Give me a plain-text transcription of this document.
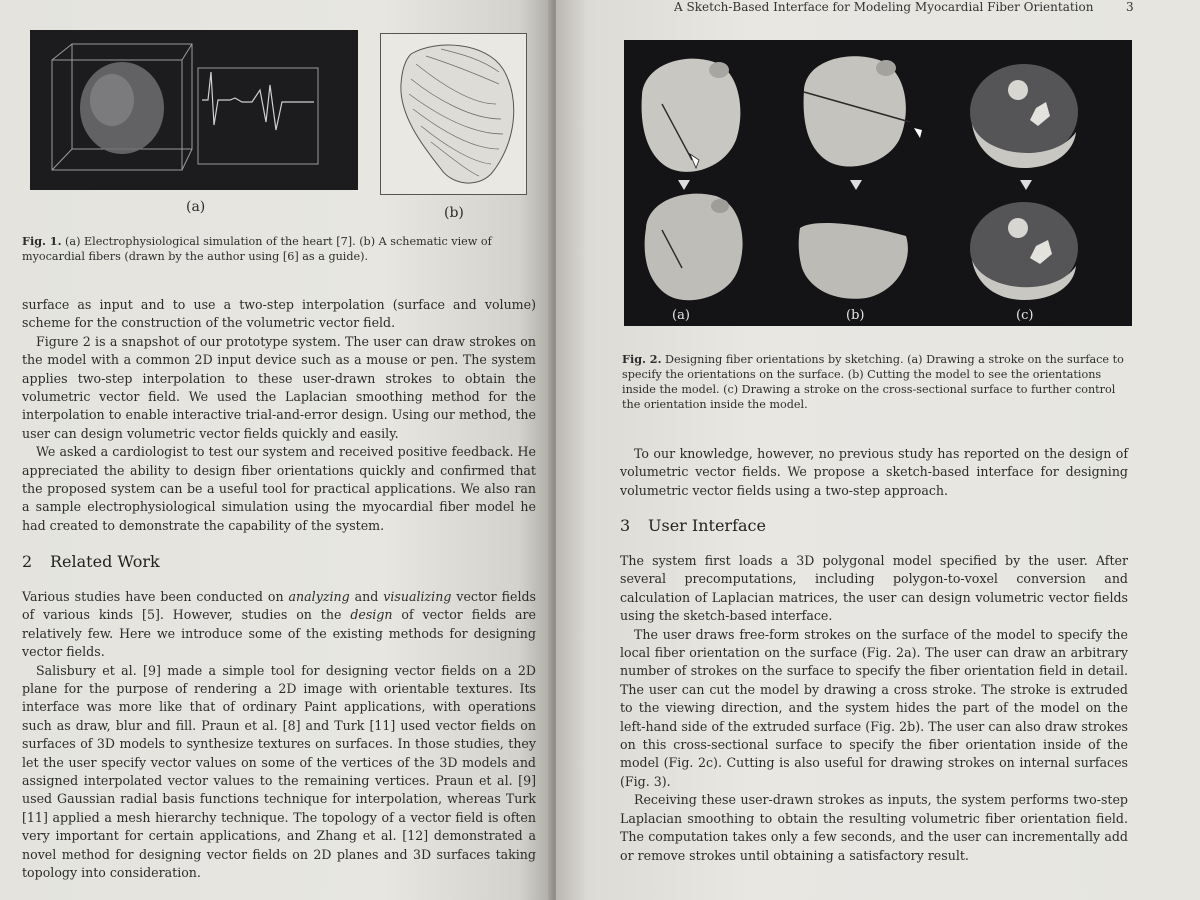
(a)	(b)
Fig. 1. (a) Electrophysiological simulation of the heart [7]. (b) A schematic view of myocardial fibers (drawn by the author using [6] as a guide).

surface as input and to use a two-step interpolation (surface and volume) scheme for the construction of the volumetric vector field.

Figure 2 is a snapshot of our prototype system. The user can draw strokes on the model with a common 2D input device such as a mouse or pen. The system applies two-step interpolation to these user-drawn strokes to obtain the volumetric vector field. We used the Laplacian smoothing method for the interpolation to enable interactive trial-and-error design. Using our method, the user can design volumetric vector fields quickly and easily.

We asked a cardiologist to test our system and received positive feedback. He appreciated the ability to design fiber orientations quickly and confirmed that the proposed system can be a useful tool for practical applications. We also ran a sample electrophysiological simulation using the myocardial fiber model he had created to demonstrate the capability of the system.

2 Related Work

Various studies have been conducted on analyzing and visualizing vector fields of various kinds [5]. However, studies on the design of vector fields are relatively few. Here we introduce some of the existing methods for designing vector fields.

Salisbury et al. [9] made a simple tool for designing vector fields on a 2D plane for the purpose of rendering a 2D image with orientable textures. Its interface was more like that of ordinary Paint applications, with operations such as draw, blur and fill. Praun et al. [8] and Turk [11] used vector fields on surfaces of 3D models to synthesize textures on surfaces. In those studies, they let the user specify vector values on some of the vertices of the 3D models and assigned interpolated vector values to the remaining vertices. Praun et al. [9] used Gaussian radial basis functions technique for interpolation, whereas Turk [11] applied a mesh hierarchy technique. The topology of a vector field is often very important for certain applications, and Zhang et al. [12] demonstrated a novel method for designing vector fields on 2D planes and 3D surfaces taking topology into consideration.

A Sketch-Based Interface for Modeling Myocardial Fiber Orientation	3
(a)	(b)	(c)
Fig. 2. Designing fiber orientations by sketching. (a) Drawing a stroke on the surface to specify the orientations on the surface. (b) Cutting the model to see the orientations inside the model. (c) Drawing a stroke on the cross-sectional surface to further control the orientation inside the model.

To our knowledge, however, no previous study has reported on the design of volumetric vector fields. We propose a sketch-based interface for designing volumetric vector fields using a two-step approach.

3 User Interface

The system first loads a 3D polygonal model specified by the user. After several precomputations, including polygon-to-voxel conversion and calculation of Laplacian matrices, the user can design volumetric vector fields using the sketch-based interface.

The user draws free-form strokes on the surface of the model to specify the local fiber orientation on the surface (Fig. 2a). The user can draw an arbitrary number of strokes on the surface to specify the fiber orientation field in detail. The user can cut the model by drawing a cross stroke. The stroke is extruded to the viewing direction, and the system hides the part of the model on the left-hand side of the extruded surface (Fig. 2b). The user can also draw strokes on this cross-sectional surface to specify the fiber orientation inside of the model (Fig. 2c). Cutting is also useful for drawing strokes on internal surfaces (Fig. 3).

Receiving these user-drawn strokes as inputs, the system performs two-step Laplacian smoothing to obtain the resulting volumetric fiber orientation field. The computation takes only a few seconds, and the user can incrementally add or remove strokes until obtaining a satisfactory result.
